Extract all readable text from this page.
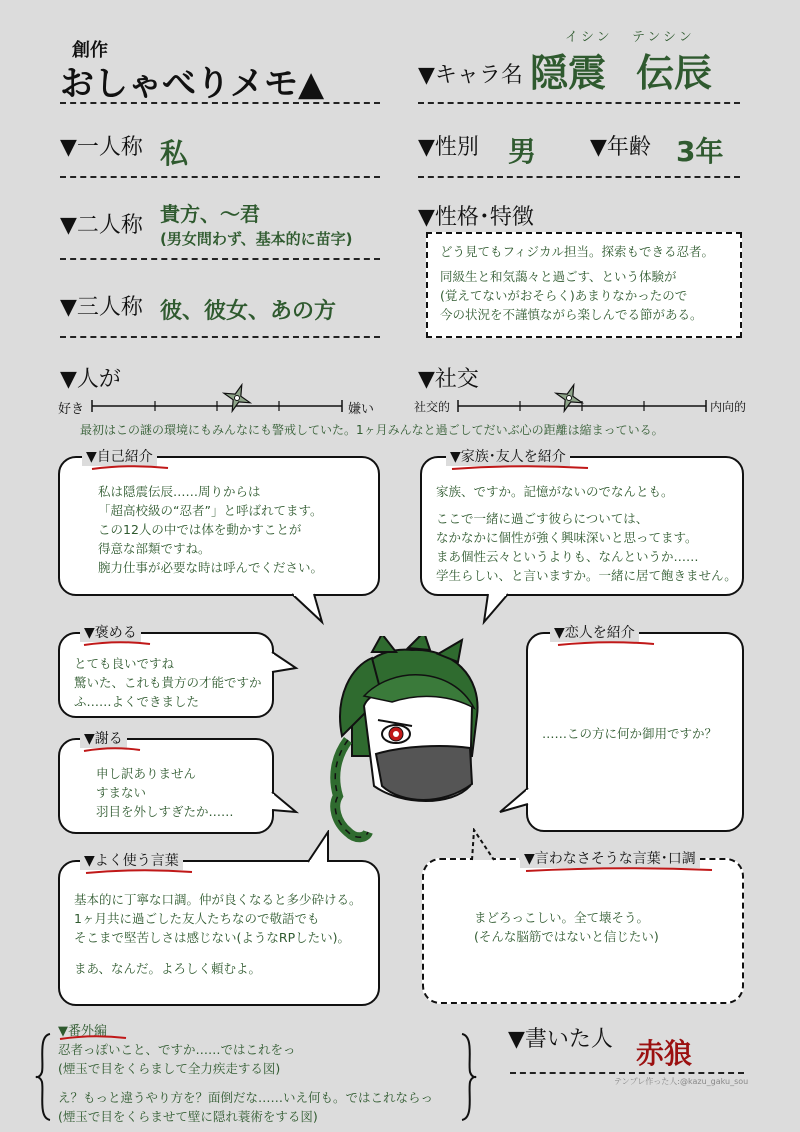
創作
おしゃべりメモ▲	▼キャラ名
イシン テンシン
隠震 伝辰
▼一人称 私
▼二人称 貴方、〜君
(男女問わず、基本的に苗字)
▼三人称 彼、彼女、あの方
▼性別 男 ▼年齢 3年
▼性格･特徴
どう見てもフィジカル担当。探索もできる忍者。
同級生と和気藹々と過ごす、という体験が
(覚えてないがおそらく)あまりなかったので
今の状況を不謹慎ながら楽しんでる節がある。
▼人が
好き	嫌い
▼社交
社交的	内向的
最初はこの謎の環境にもみんなにも警戒していた。1ヶ月みんなと過ごしてだいぶ心の距離は縮まっている。
私は隠震伝辰……周りからは
「超高校級の“忍者”」と呼ばれてます。
この12人の中では体を動かすことが
得意な部類ですね。
腕力仕事が必要な時は呼んでください。
▼自己紹介
家族、ですか。記憶がないのでなんとも。
ここで一緒に過ごす彼らについては、
なかなかに個性が強く興味深いと思ってます。
まあ個性云々というよりも、なんというか……
学生らしい、と言いますか。一緒に居て飽きません。
▼家族･友人を紹介
とても良いですね
驚いた、これも貴方の才能ですか
ふ……よくできました
▼褒める
……この方に何か御用ですか？
▼恋人を紹介
申し訳ありません
すまない
羽目を外しすぎたか……
▼謝る
基本的に丁寧な口調。仲が良くなると多少砕ける。
1ヶ月共に過ごした友人たちなので敬語でも
そこまで堅苦しさは感じない(ようなRPしたい)。
まあ、なんだ。よろしく頼むよ。
▼よく使う言葉
まどろっこしい。全て壊そう。
(そんな脳筋ではないと信じたい)
▼言わなさそうな言葉･口調
▼番外編
忍者っぽいこと、ですか……ではこれをっ
(煙玉で目をくらまして全力疾走する図)
え？もっと違うやり方を？面倒だな……いえ何も。ではこれならっ
(煙玉で目をくらませて壁に隠れ蓑術をする図)
▼書いた人 赤狼
テンプレ作った人:@kazu_gaku_sou
